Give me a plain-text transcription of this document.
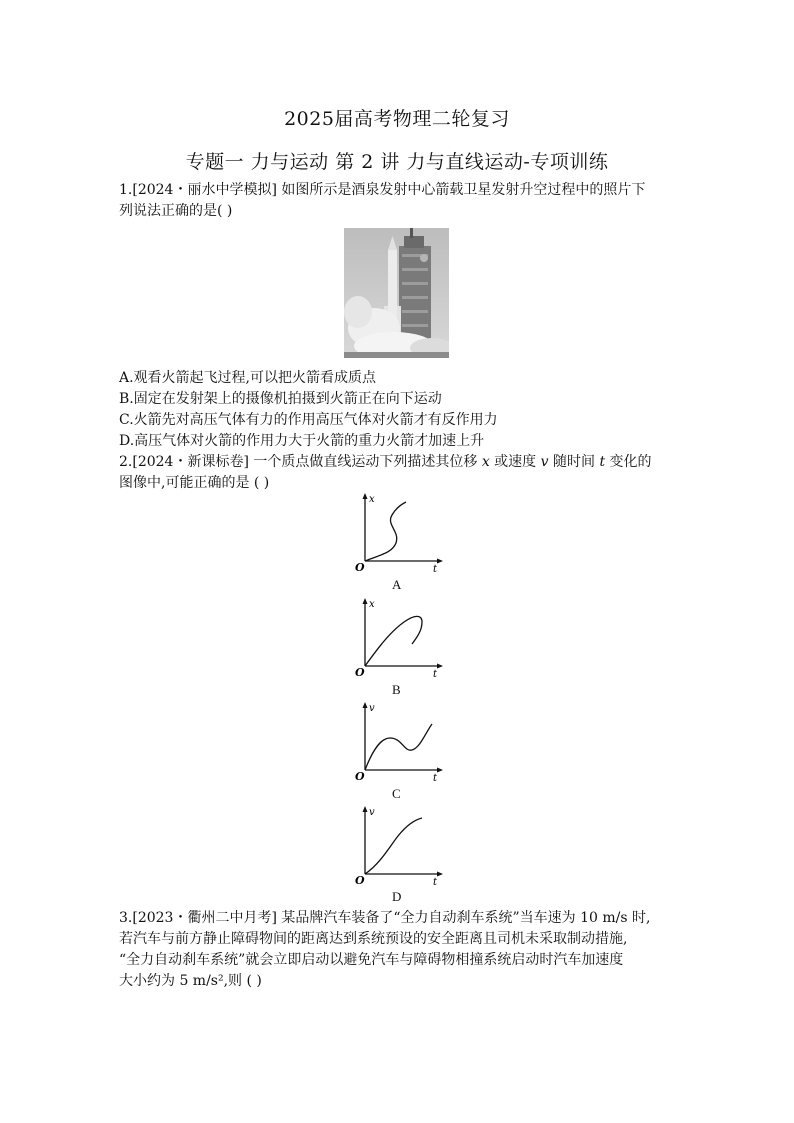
2025届高考物理二轮复习
专题一 力与运动 第 2 讲 力与直线运动-专项训练
1.[2024・丽水中学模拟] 如图所示是酒泉发射中心箭载卫星发射升空过程中的照片下
列说法正确的是( )
A.观看火箭起飞过程,可以把火箭看成质点
B.固定在发射架上的摄像机拍摄到火箭正在向下运动
C.火箭先对高压气体有力的作用高压气体对火箭才有反作用力
D.高压气体对火箭的作用力大于火箭的重力火箭才加速上升
2.[2024・新课标卷] 一个质点做直线运动下列描述其位移 x 或速度 v 随时间 t 变化的
图像中,可能正确的是 ( )
x
t
O
A
x
t
O
B
v
t
O
C
v
t
O
D
3.[2023・衢州二中月考] 某品牌汽车装备了“全力自动刹车系统”当车速为 10 m/s 时,
若汽车与前方静止障碍物间的距离达到系统预设的安全距离且司机未采取制动措施,
“全力自动刹车系统”就会立即启动以避免汽车与障碍物相撞系统启动时汽车加速度
大小约为 5 m/s²,则 ( )
